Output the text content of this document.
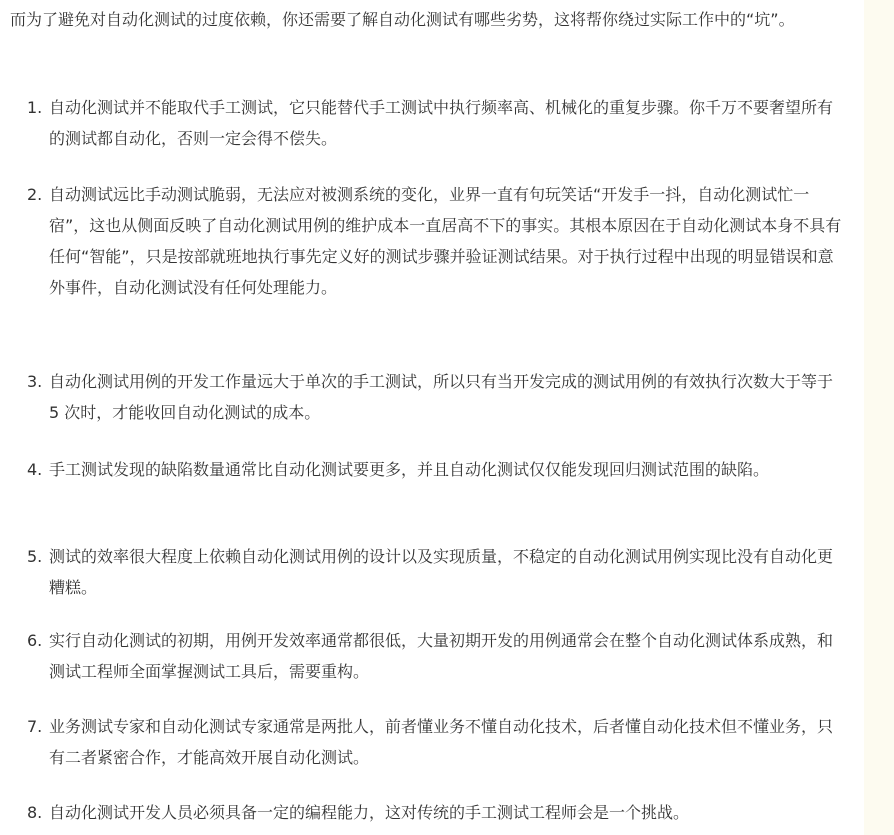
而为了避免对自动化测试的过度依赖，你还需要了解自动化测试有哪些劣势，这将帮你绕过实际工作中的“坑”。

1. 自动化测试并不能取代手工测试，它只能替代手工测试中执行频率高、机械化的重复步骤。你千万不要奢望所有的测试都自动化，否则一定会得不偿失。
2. 自动测试远比手动测试脆弱，无法应对被测系统的变化，业界一直有句玩笑话“开发手一抖，自动化测试忙一宿”，这也从侧面反映了自动化测试用例的维护成本一直居高不下的事实。其根本原因在于自动化测试本身不具有任何“智能”，只是按部就班地执行事先定义好的测试步骤并验证测试结果。对于执行过程中出现的明显错误和意外事件，自动化测试没有任何处理能力。
3. 自动化测试用例的开发工作量远大于单次的手工测试，所以只有当开发完成的测试用例的有效执行次数大于等于 5 次时，才能收回自动化测试的成本。
4. 手工测试发现的缺陷数量通常比自动化测试要更多，并且自动化测试仅仅能发现回归测试范围的缺陷。
5. 测试的效率很大程度上依赖自动化测试用例的设计以及实现质量，不稳定的自动化测试用例实现比没有自动化更糟糕。
6. 实行自动化测试的初期，用例开发效率通常都很低，大量初期开发的用例通常会在整个自动化测试体系成熟，和测试工程师全面掌握测试工具后，需要重构。
7. 业务测试专家和自动化测试专家通常是两批人，前者懂业务不懂自动化技术，后者懂自动化技术但不懂业务，只有二者紧密合作，才能高效开展自动化测试。
8. 自动化测试开发人员必须具备一定的编程能力，这对传统的手工测试工程师会是一个挑战。
